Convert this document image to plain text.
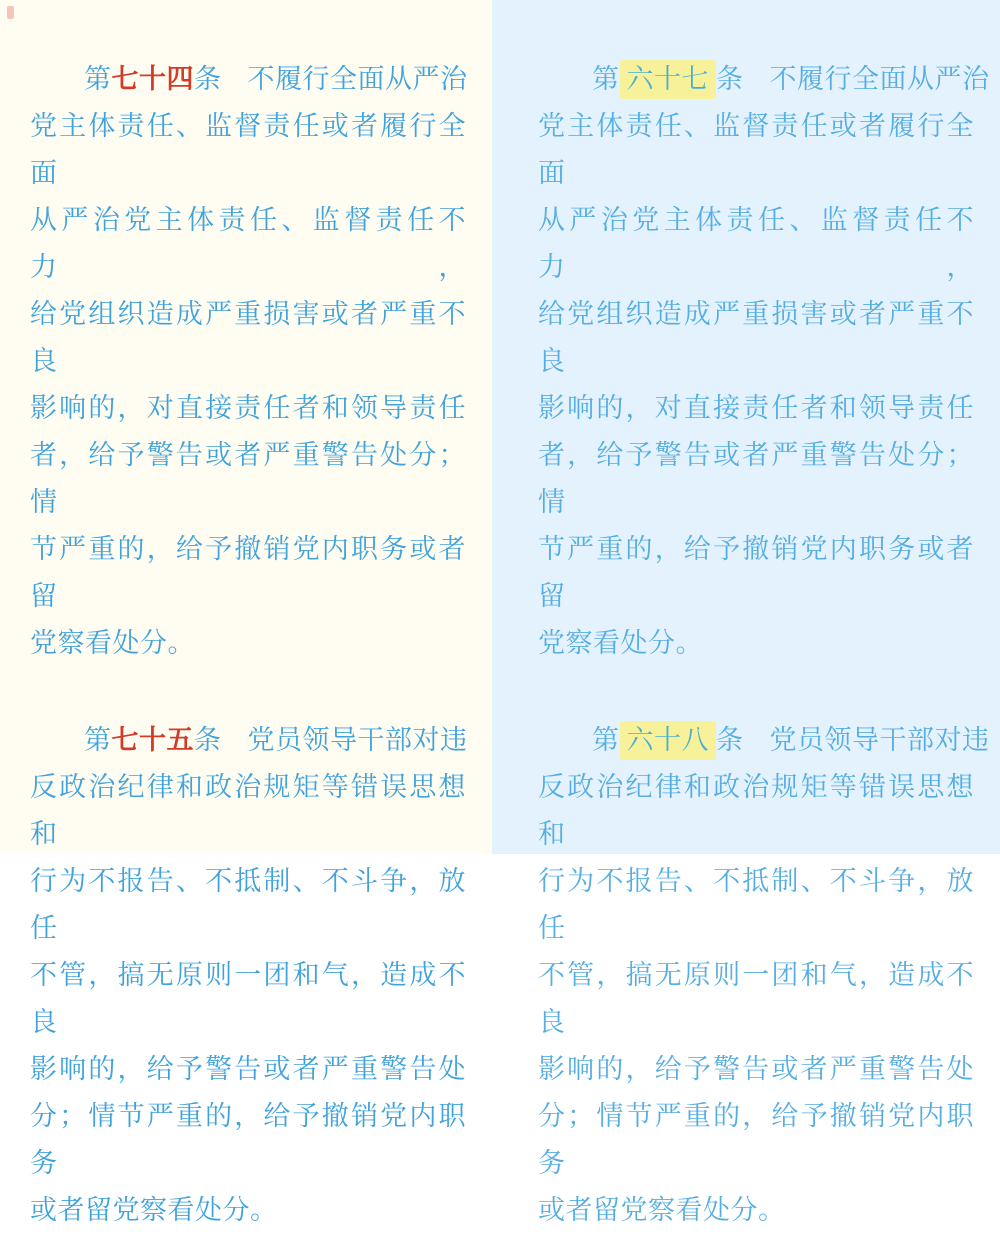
第七十四条 不履行全面从严治
党主体责任、监督责任或者履行全面
从严治党主体责任、监督责任不力，
给党组织造成严重损害或者严重不良
影响的，对直接责任者和领导责任
者，给予警告或者严重警告处分；情
节严重的，给予撤销党内职务或者留
党察看处分。
第七十五条 党员领导干部对违
反政治纪律和政治规矩等错误思想和
行为不报告、不抵制、不斗争，放任
不管，搞无原则一团和气，造成不良
影响的，给予警告或者严重警告处
分；情节严重的，给予撤销党内职务
或者留党察看处分。
第 六十七 条 不履行全面从严治
党主体责任、监督责任或者履行全面
从严治党主体责任、监督责任不力，
给党组织造成严重损害或者严重不良
影响的，对直接责任者和领导责任
者，给予警告或者严重警告处分；情
节严重的，给予撤销党内职务或者留
党察看处分。
第 六十八 条 党员领导干部对违
反政治纪律和政治规矩等错误思想和
行为不报告、不抵制、不斗争，放任
不管，搞无原则一团和气，造成不良
影响的，给予警告或者严重警告处
分；情节严重的，给予撤销党内职务
或者留党察看处分。
